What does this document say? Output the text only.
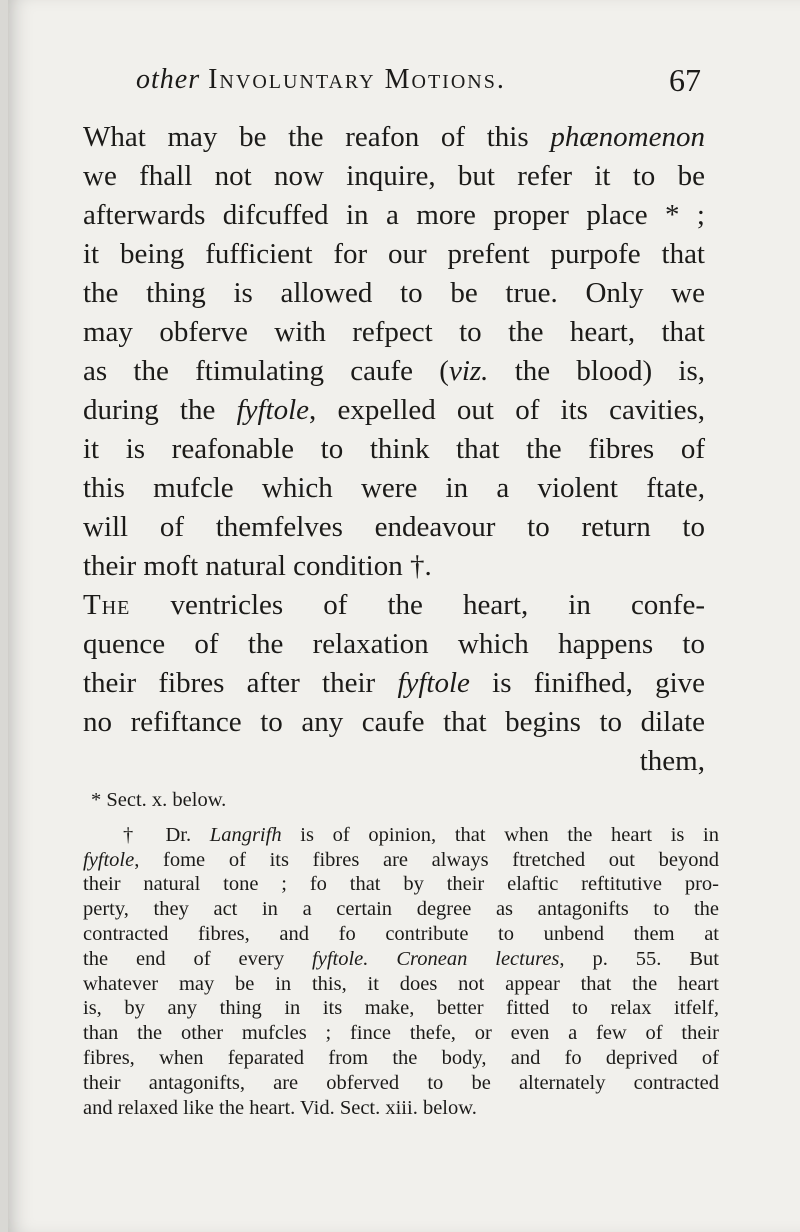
other Involuntary Motions.	67
What may be the reafon of this phænomenon
we fhall not now inquire, but refer it to be
afterwards difcuffed in a more proper place * ;
it being fufficient for our prefent purpofe that
the thing is allowed to be true. Only we
may obferve with refpect to the heart, that
as the ftimulating caufe (viz. the blood) is,
during the fyftole, expelled out of its cavities,
it is reafonable to think that the fibres of
this mufcle which were in a violent ftate,
will of themfelves endeavour to return to
their moft natural condition †.
The ventricles of the heart, in confe-
quence of the relaxation which happens to
their fibres after their fyftole is finifhed, give
no refiftance to any caufe that begins to dilate
them,
* Sect. x. below.
† Dr. Langrifh is of opinion, that when the heart is in
fyftole, fome of its fibres are always ftretched out beyond
their natural tone ; fo that by their elaftic reftitutive pro-
perty, they act in a certain degree as antagonifts to the
contracted fibres, and fo contribute to unbend them at
the end of every fyftole. Cronean lectures, p. 55. But
whatever may be in this, it does not appear that the heart
is, by any thing in its make, better fitted to relax itfelf,
than the other mufcles ; fince thefe, or even a few of their
fibres, when feparated from the body, and fo deprived of
their antagonifts, are obferved to be alternately contracted
and relaxed like the heart. Vid. Sect. xiii. below.
